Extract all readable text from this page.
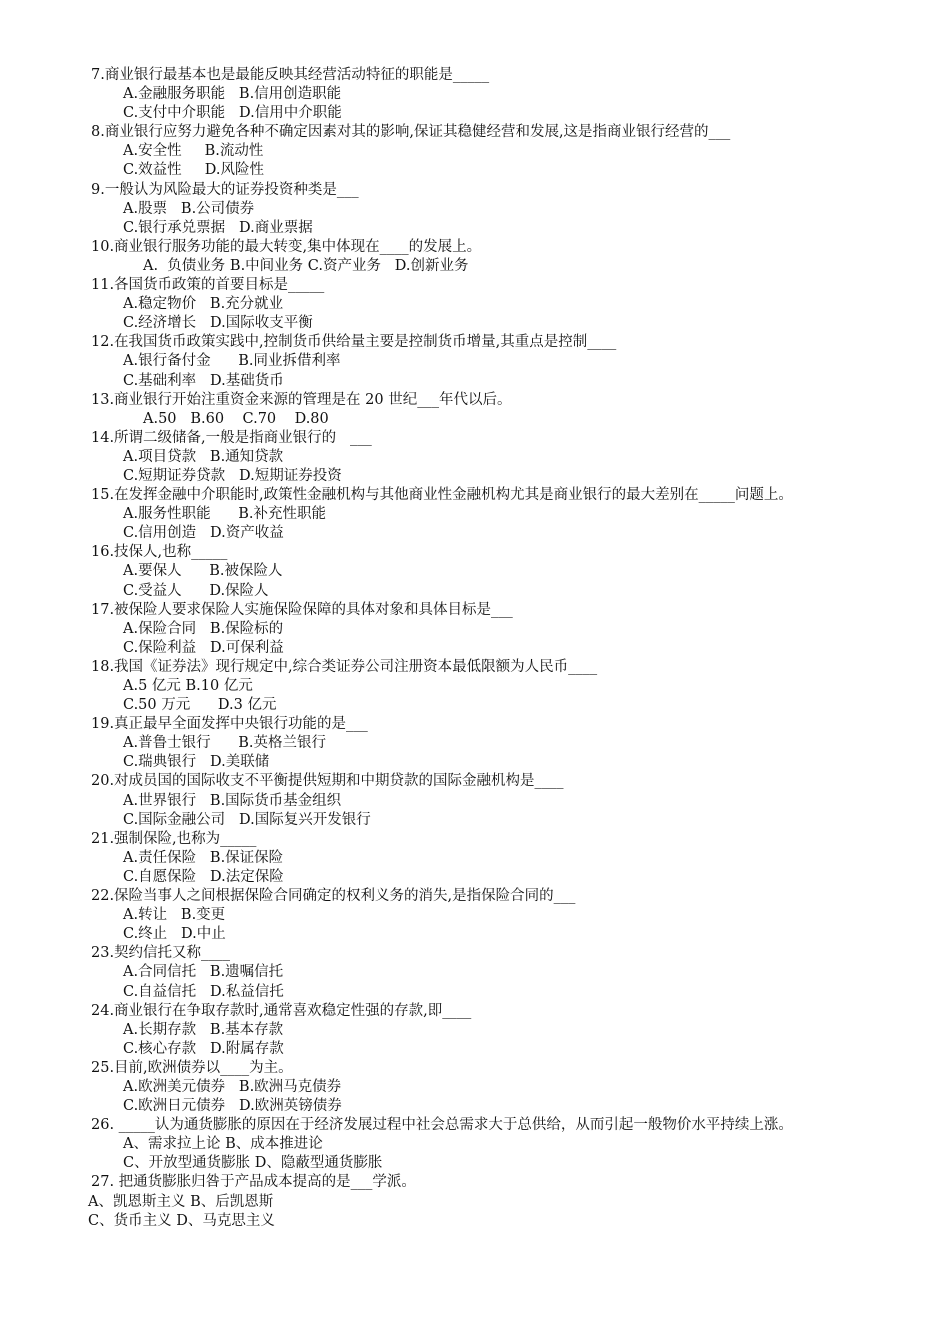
7.商业银行最基本也是最能反映其经营活动特征的职能是_____
A.金融服务职能   B.信用创造职能
C.支付中介职能   D.信用中介职能
8.商业银行应努力避免各种不确定因素对其的影响,保证其稳健经营和发展,这是指商业银行经营的___
A.安全性     B.流动性
C.效益性     D.风险性
9.一般认为风险最大的证券投资种类是___
A.股票   B.公司债券
C.银行承兑票据   D.商业票据
10.商业银行服务功能的最大转变,集中体现在____的发展上。
A.  负债业务 B.中间业务 C.资产业务   D.创新业务
11.各国货币政策的首要目标是_____
A.稳定物价   B.充分就业
C.经济增长   D.国际收支平衡
12.在我国货币政策实践中,控制货币供给量主要是控制货币增量,其重点是控制____
A.银行备付金      B.同业拆借利率
C.基础利率   D.基础货币
13.商业银行开始注重资金来源的管理是在 20 世纪___年代以后。
A.50   B.60    C.70    D.80
14.所谓二级储备,一般是指商业银行的   ___
A.项目贷款   B.通知贷款
C.短期证券贷款   D.短期证券投资
15.在发挥金融中介职能时,政策性金融机构与其他商业性金融机构尤其是商业银行的最大差别在_____问题上。
A.服务性职能      B.补充性职能
C.信用创造   D.资产收益
16.技保人,也称_____
A.要保人      B.被保险人
C.受益人      D.保险人
17.被保险人要求保险人实施保险保障的具体对象和具体目标是___
A.保险合同   B.保险标的
C.保险利益   D.可保利益
18.我国《证券法》现行规定中,综合类证券公司注册资本最低限额为人民币____
A.5 亿元 B.10 亿元
C.50 万元      D.3 亿元
19.真正最早全面发挥中央银行功能的是___
A.普鲁士银行      B.英格兰银行
C.瑞典银行   D.美联储
20.对成员国的国际收支不平衡提供短期和中期贷款的国际金融机构是____
A.世界银行   B.国际货币基金组织
C.国际金融公司   D.国际复兴开发银行
21.强制保险,也称为_____
A.责任保险   B.保证保险
C.自愿保险   D.法定保险
22.保险当事人之间根据保险合同确定的权利义务的消失,是指保险合同的___
A.转让   B.变更
C.终止   D.中止
23.契约信托又称____
A.合同信托   B.遗嘱信托
C.自益信托   D.私益信托
24.商业银行在争取存款时,通常喜欢稳定性强的存款,即____
A.长期存款   B.基本存款
C.核心存款   D.附属存款
25.目前,欧洲债券以____为主。
A.欧洲美元债券   B.欧洲马克债券
C.欧洲日元债券   D.欧洲英镑债券
26. _____认为通货膨胀的原因在于经济发展过程中社会总需求大于总供给，从而引起一般物价水平持续上涨。
A、需求拉上论 B、成本推进论
C、开放型通货膨胀 D、隐蔽型通货膨胀
27. 把通货膨胀归咎于产品成本提高的是___学派。
A、凯恩斯主义 B、后凯恩斯
C、货币主义 D、马克思主义
